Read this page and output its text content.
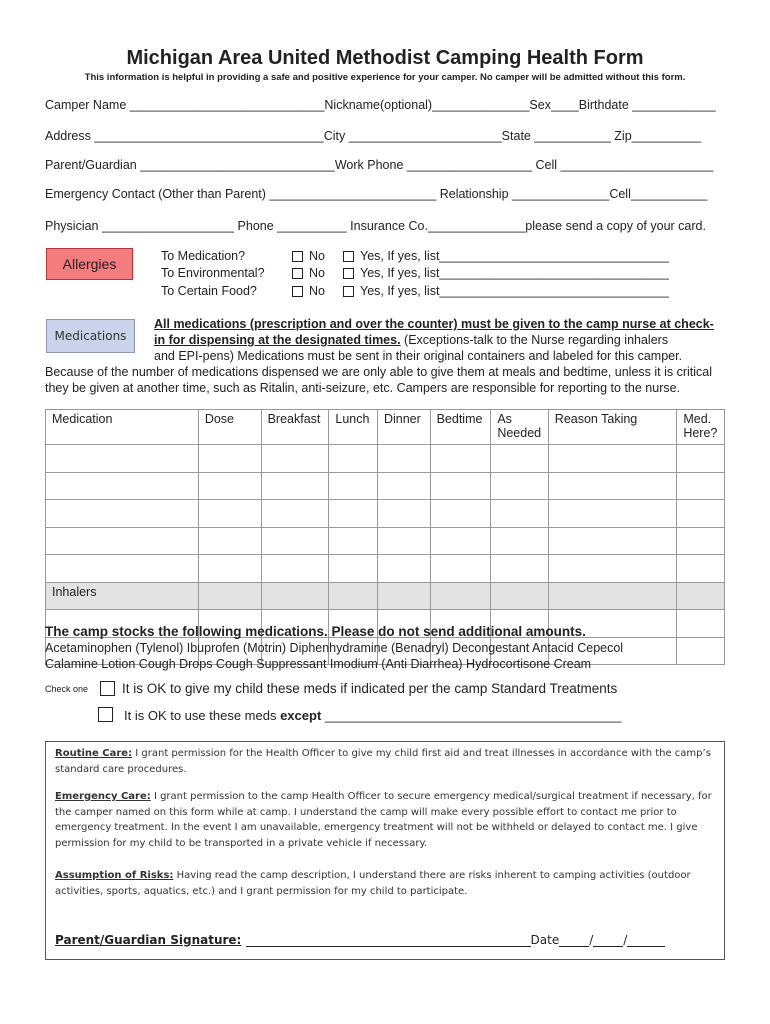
Michigan Area United Methodist Camping Health Form
This information is helpful in providing a safe and positive experience for your camper. No camper will be admitted without this form.
Camper Name ____________________________Nickname(optional)______________Sex____Birthdate ____________
Address _________________________________City ______________________State ___________ Zip__________
Parent/Guardian ____________________________Work Phone __________________ Cell ______________________
Emergency Contact (Other than Parent) ________________________ Relationship ______________Cell___________
Physician ___________________ Phone __________ Insurance Co.______________please send a copy of your card.
Allergies	To Medication?	No	Yes, If yes, list_________________________________
To Environmental?	No	Yes, If yes, list_________________________________
To Certain Food?	No	Yes, If yes, list_________________________________
Medications
All medications (prescription and over the counter) must be given to the camp nurse at check-
in for dispensing at the designated times. (Exceptions-talk to the Nurse regarding inhalers
and EPI-pens) Medications must be sent in their original containers and labeled for this camper.
Because of the number of medications dispensed we are only able to give them at meals and bedtime, unless it is critical
they be given at another time, such as Ritalin, anti-seizure, etc. Campers are responsible for reporting to the nurse.
Medication	Dose	Breakfast	Lunch	Dinner	Bedtime	As Needed	Reason Taking	Med. Here?

Inhalers								

The camp stocks the following medications. Please do not send additional amounts.
Acetaminophen (Tylenol) Ibuprofen (Motrin) Diphenhydramine (Benadryl) Decongestant Antacid Cepecol
Calamine Lotion Cough Drops Cough Suppressant Imodium (Anti Diarrhea) Hydrocortisone Cream
Check one	It is OK to give my child these meds if indicated per the camp Standard Treatments
It is OK to use these meds except _________________________________________
Routine Care: I grant permission for the Health Officer to give my child first aid and treat illnesses in accordance with the camp’s standard care procedures.
Emergency Care: I grant permission to the camp Health Officer to secure emergency medical/surgical treatment if necessary, for the camper named on this form while at camp. I understand the camp will make every possible effort to contact me prior to emergency treatment. In the event I am unavailable, emergency treatment will not be withheld or delayed to contact me. I give permission for my child to be transported in a private vehicle if necessary.
Assumption of Risks: Having read the camp description, I understand there are risks inherent to camping activities (outdoor activities, sports, aquatics, etc.) and I grant permission for my child to participate.
Parent/Guardian Signature:	Date	/	/
